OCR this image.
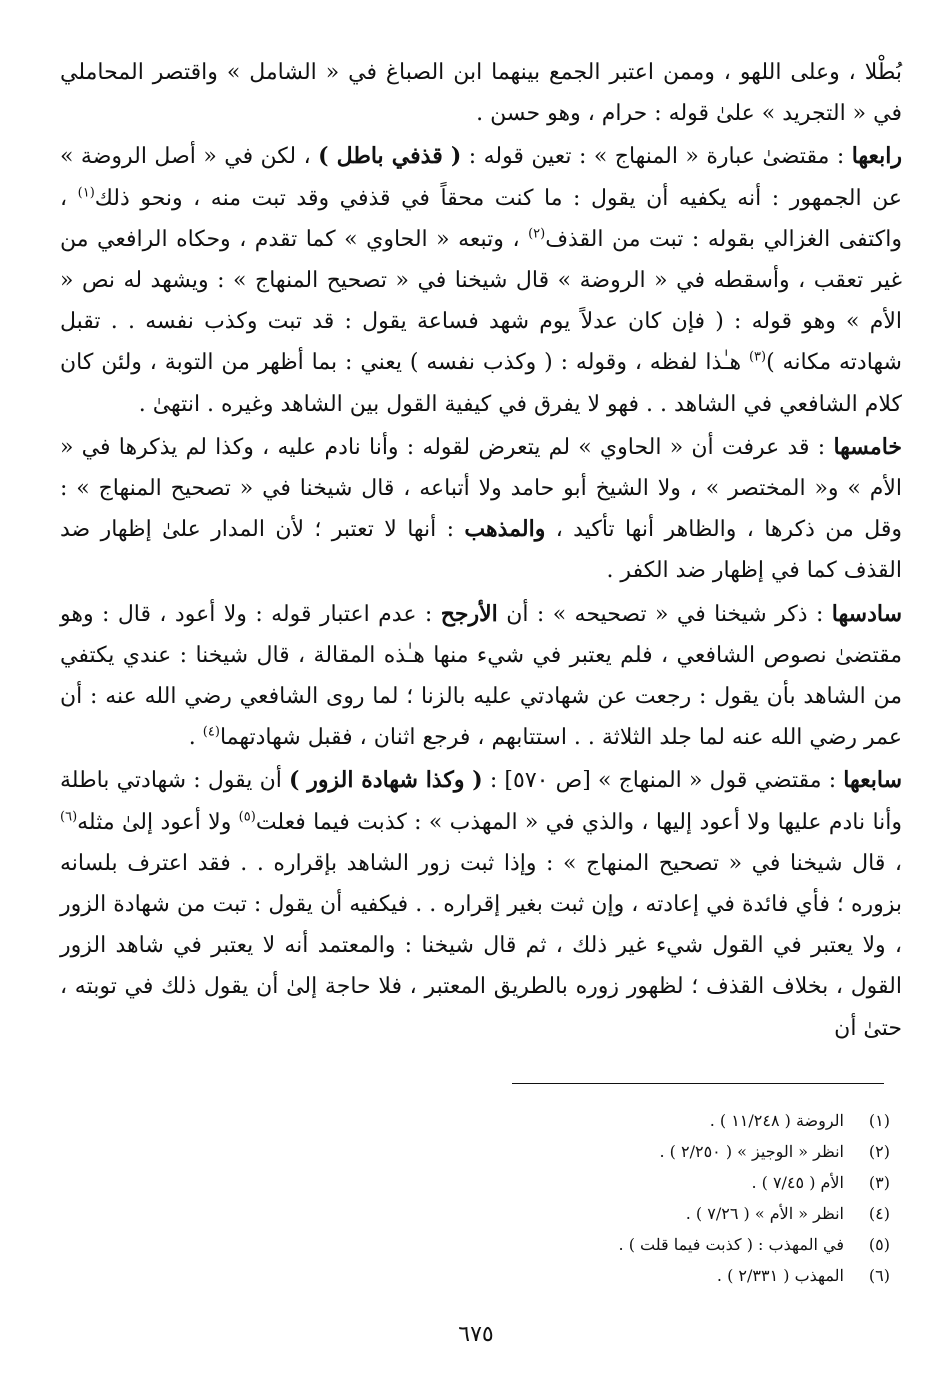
بُطْلا ، وعلى اللهو ، وممن اعتبر الجمع بينهما ابن الصباغ في « الشامل » واقتصر المحاملي في « التجريد » علىٰ قوله : حرام ، وهو حسن .

رابعها : مقتضىٰ عبارة « المنهاج » : تعين قوله : ( قذفي باطل ) ، لكن في « أصل الروضة » عن الجمهور : أنه يكفيه أن يقول : ما كنت محقاً في قذفي وقد تبت منه ، ونحو ذلك$^{(١)}$ ، واكتفى الغزالي بقوله : تبت من القذف$^{(٢)}$ ، وتبعه « الحاوي » كما تقدم ، وحكاه الرافعي من غير تعقب ، وأسقطه في « الروضة » قال شيخنا في « تصحيح المنهاج » : ويشهد له نص « الأم » وهو قوله : ( فإن كان عدلاً يوم شهد فساعة يقول : قد تبت وكذب نفسه . . تقبل شهادته مكانه )$^{(٣)}$ هـٰذا لفظه ، وقوله : ( وكذب نفسه ) يعني : بما أظهر من التوبة ، ولئن كان كلام الشافعي في الشاهد . . فهو لا يفرق في كيفية القول بين الشاهد وغيره . انتهىٰ .

خامسها : قد عرفت أن « الحاوي » لم يتعرض لقوله : وأنا نادم عليه ، وكذا لم يذكرها في « الأم » و« المختصر » ، ولا الشيخ أبو حامد ولا أتباعه ، قال شيخنا في « تصحيح المنهاج » : وقل من ذكرها ، والظاهر أنها تأكيد ، والمذهب : أنها لا تعتبر ؛ لأن المدار علىٰ إظهار ضد القذف كما في إظهار ضد الكفر .

سادسها : ذكر شيخنا في « تصحيحه » : أن الأرجح : عدم اعتبار قوله : ولا أعود ، قال : وهو مقتضىٰ نصوص الشافعي ، فلم يعتبر في شيء منها هـٰذه المقالة ، قال شيخنا : عندي يكتفي من الشاهد بأن يقول : رجعت عن شهادتي عليه بالزنا ؛ لما روى الشافعي رضي الله عنه : أن عمر رضي الله عنه لما جلد الثلاثة . . استتابهم ، فرجع اثنان ، فقبل شهادتهما$^{(٤)}$ .

سابعها : مقتضي قول « المنهاج » [ص ٥٧٠] : ( وكذا شهادة الزور ) أن يقول : شهادتي باطلة وأنا نادم عليها ولا أعود إليها ، والذي في « المهذب » : كذبت فيما فعلت$^{(٥)}$ ولا أعود إلىٰ مثله$^{(٦)}$ ، قال شيخنا في « تصحيح المنهاج » : وإذا ثبت زور الشاهد بإقراره . . فقد اعترف بلسانه بزوره ؛ فأي فائدة في إعادته ، وإن ثبت بغير إقراره . . فيكفيه أن يقول : تبت من شهادة الزور ، ولا يعتبر في القول شيء غير ذلك ، ثم قال شيخنا : والمعتمد أنه لا يعتبر في شاهد الزور القول ، بخلاف القذف ؛ لظهور زوره بالطريق المعتبر ، فلا حاجة إلىٰ أن يقول ذلك في توبته ، حتىٰ أن

(١)
الروضة ( ١١/٢٤٨ ) .
(٢)
انظر « الوجيز » ( ٢/٢٥٠ ) .
(٣)
الأم ( ٧/٤٥ ) .
(٤)
انظر « الأم » ( ٧/٢٦ ) .
(٥)
في المهذب : ( كذبت فيما قلت ) .
(٦)
المهذب ( ٢/٣٣١ ) .
٦٧٥
